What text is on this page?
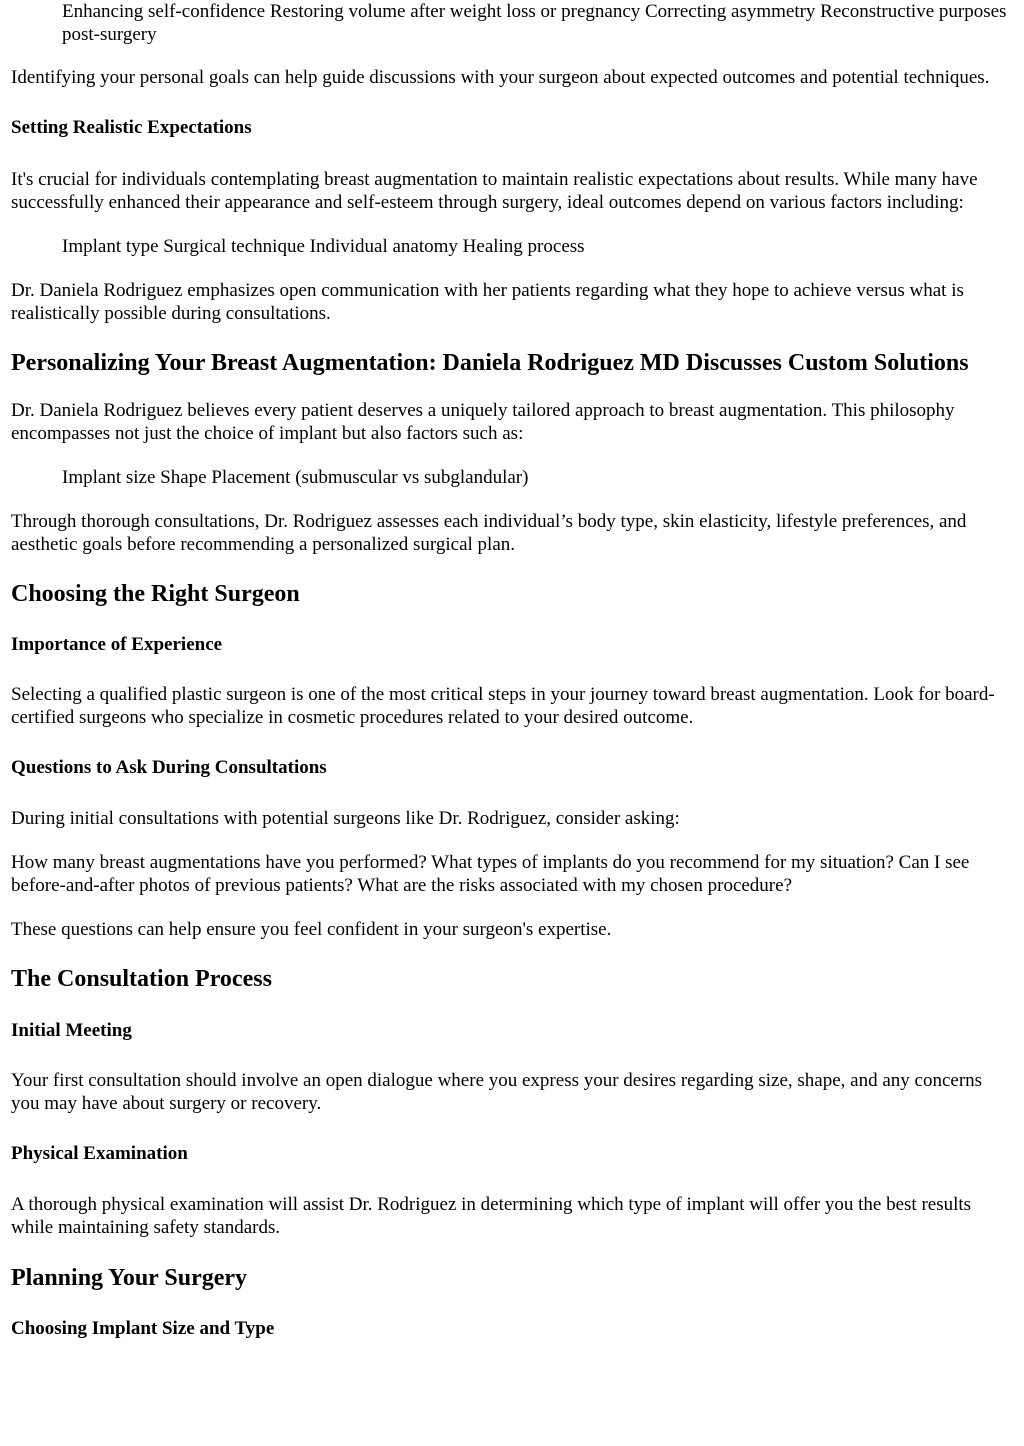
Enhancing self-confidence Restoring volume after weight loss or pregnancy Correcting asymmetry Reconstructive purposes post-surgery

Identifying your personal goals can help guide discussions with your surgeon about expected outcomes and potential techniques.

Setting Realistic Expectations

It's crucial for individuals contemplating breast augmentation to maintain realistic expectations about results. While many have successfully enhanced their appearance and self-esteem through surgery, ideal outcomes depend on various factors including:

Implant type Surgical technique Individual anatomy Healing process

Dr. Daniela Rodriguez emphasizes open communication with her patients regarding what they hope to achieve versus what is realistically possible during consultations.

Personalizing Your Breast Augmentation: Daniela Rodriguez MD Discusses Custom Solutions

Dr. Daniela Rodriguez believes every patient deserves a uniquely tailored approach to breast augmentation. This philosophy encompasses not just the choice of implant but also factors such as:

Implant size Shape Placement (submuscular vs subglandular)

Through thorough consultations, Dr. Rodriguez assesses each individual’s body type, skin elasticity, lifestyle preferences, and aesthetic goals before recommending a personalized surgical plan.

Choosing the Right Surgeon
Importance of Experience

Selecting a qualified plastic surgeon is one of the most critical steps in your journey toward breast augmentation. Look for board-certified surgeons who specialize in cosmetic procedures related to your desired outcome.

Questions to Ask During Consultations

During initial consultations with potential surgeons like Dr. Rodriguez, consider asking:

How many breast augmentations have you performed? What types of implants do you recommend for my situation? Can I see before-and-after photos of previous patients? What are the risks associated with my chosen procedure?

These questions can help ensure you feel confident in your surgeon's expertise.

The Consultation Process
Initial Meeting

Your first consultation should involve an open dialogue where you express your desires regarding size, shape, and any concerns you may have about surgery or recovery.

Physical Examination

A thorough physical examination will assist Dr. Rodriguez in determining which type of implant will offer you the best results while maintaining safety standards.

Planning Your Surgery
Choosing Implant Size and Type
